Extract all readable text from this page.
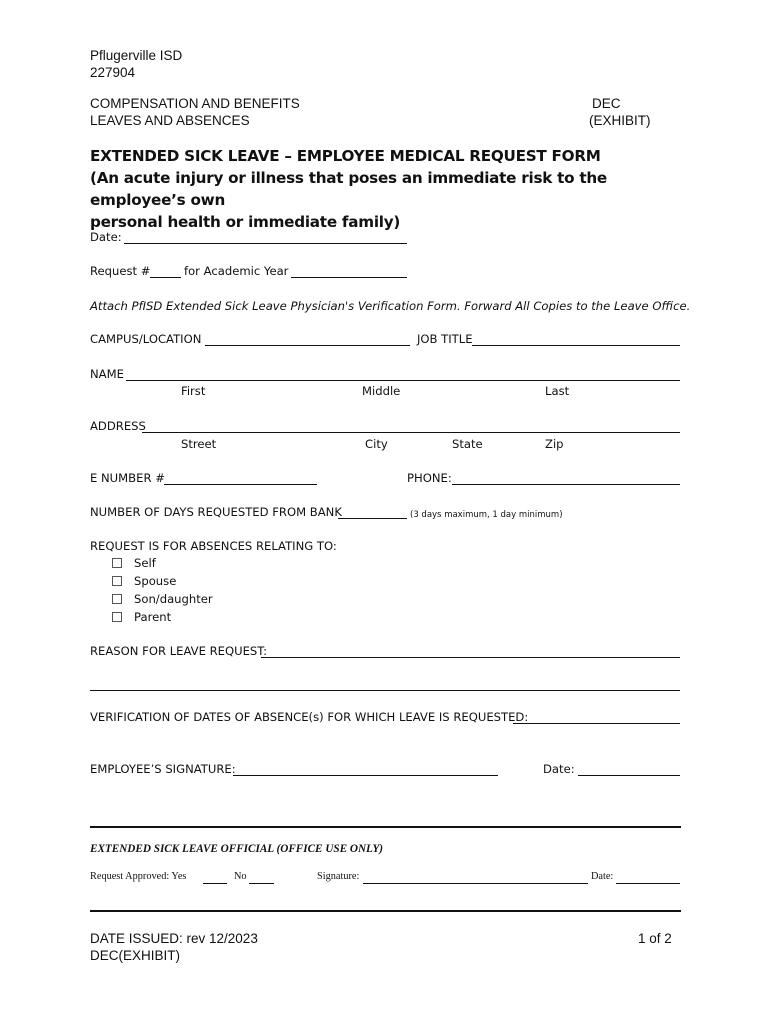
Pflugerville ISD
227904
COMPENSATION AND BENEFITS
LEAVES AND ABSENCES
DEC
(EXHIBIT)
EXTENDED SICK LEAVE – EMPLOYEE MEDICAL REQUEST FORM
(An acute injury or illness that poses an immediate risk to the employee’s own
personal health or immediate family)
Date:
Request #	for Academic Year
Attach PfISD Extended Sick Leave Physician's Verification Form. Forward All Copies to the Leave Office.
CAMPUS/LOCATION	JOB TITLE
NAME
First	Middle	Last
ADDRESS
Street	City	State	Zip
E NUMBER #	PHONE:
NUMBER OF DAYS REQUESTED FROM BANK	(3 days maximum, 1 day minimum)
REQUEST IS FOR ABSENCES RELATING TO:
Self
Spouse
Son/daughter
Parent
REASON FOR LEAVE REQUEST:
VERIFICATION OF DATES OF ABSENCE(s) FOR WHICH LEAVE IS REQUESTED:
EMPLOYEE’S SIGNATURE:	Date:
EXTENDED SICK LEAVE OFFICIAL (OFFICE USE ONLY)
Request Approved: Yes	No	Signature:	Date:
DATE ISSUED: rev 12/2023
DEC(EXHIBIT)
1 of 2
